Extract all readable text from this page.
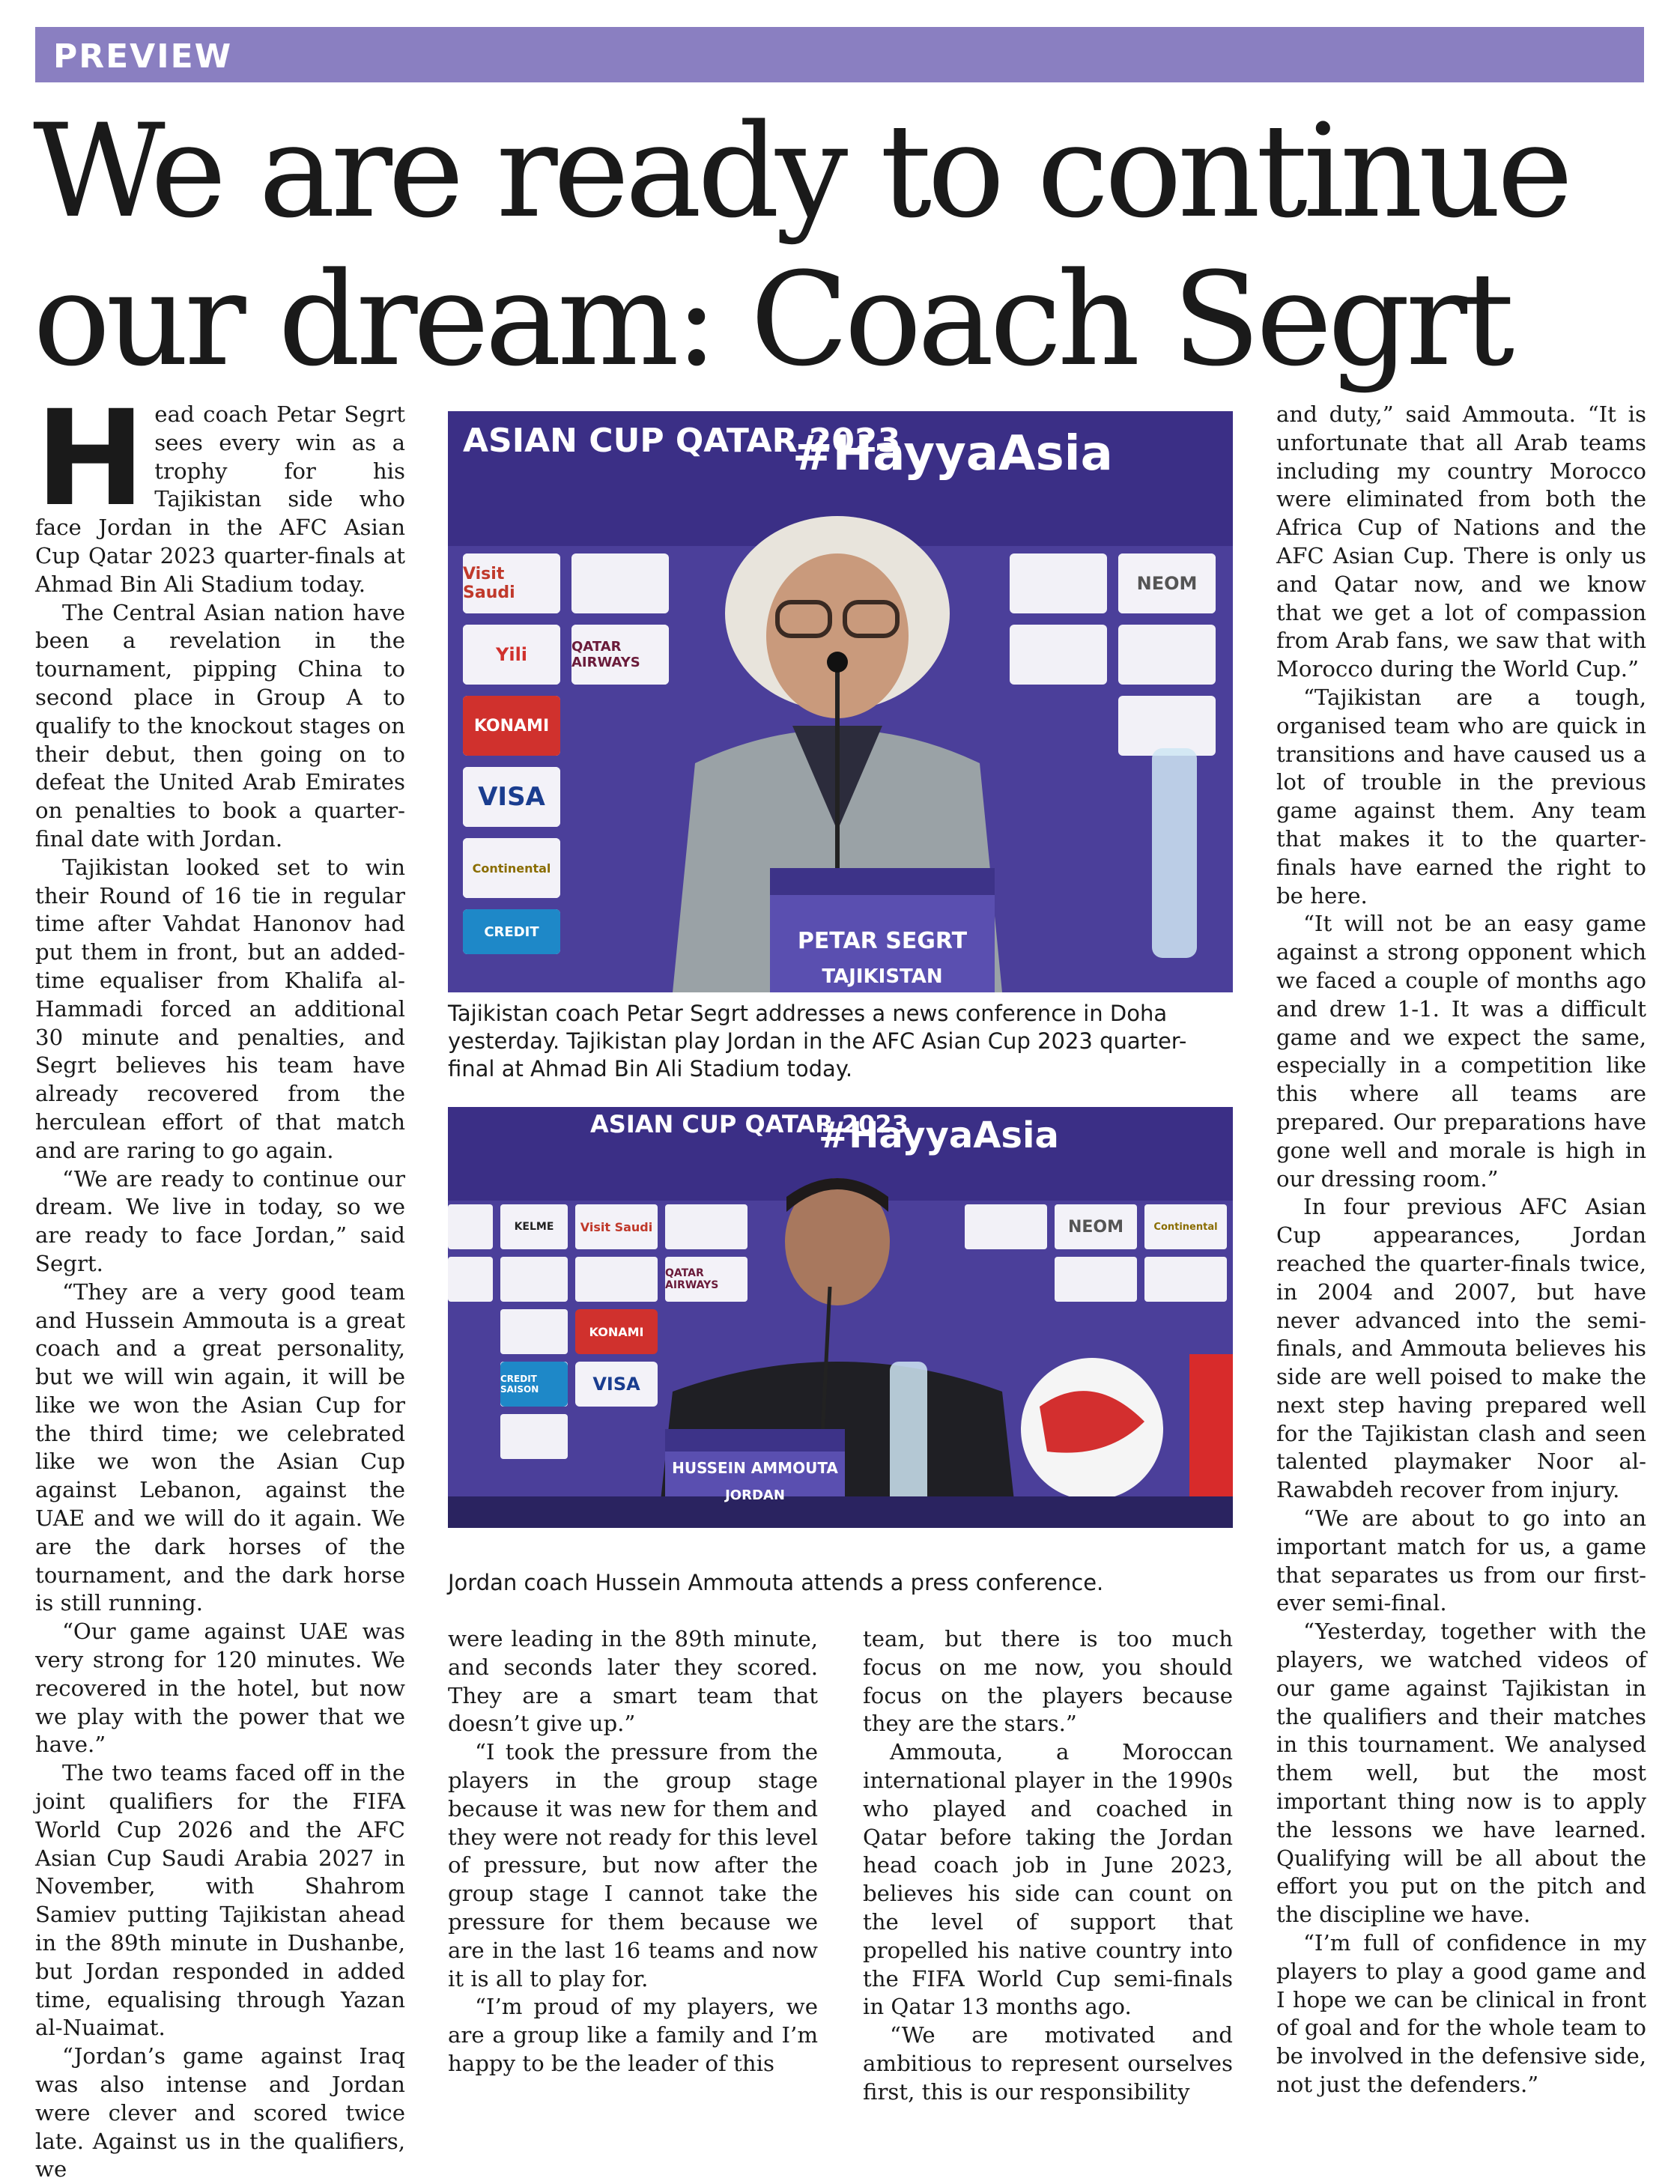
PREVIEW
We are ready to continue our dream: Coach Segrt

Head coach Petar Segrt sees every win as a trophy for his Tajikistan side who face Jordan in the AFC Asian Cup Qatar 2023 quarter-finals at Ahmad Bin Ali Stadium today.

The Central Asian nation have been a revelation in the tournament, pipping China to second place in Group A to qualify to the knockout stages on their debut, then going on to defeat the United Arab Emirates on penalties to book a quarter-final date with Jordan.

Tajikistan looked set to win their Round of 16 tie in regular time after Vahdat Hanonov had put them in front, but an added-time equaliser from Khalifa al-Hammadi forced an additional 30 minute and penalties, and Segrt believes his team have already recovered from the herculean effort of that match and are raring to go again.

“We are ready to continue our dream. We live in today, so we are ready to face Jordan,” said Segrt.

“They are a very good team and Hussein Ammouta is a great coach and a great personality, but we will win again, it will be like we won the Asian Cup for the third time; we celebrated like we won the Asian Cup against Lebanon, against the UAE and we will do it again. We are the dark horses of the tournament, and the dark horse is still running.

“Our game against UAE was very strong for 120 minutes. We recovered in the hotel, but now we play with the power that we have.”

The two teams faced off in the joint qualifiers for the FIFA World Cup 2026 and the AFC Asian Cup Saudi Arabia 2027 in November, with Shahrom Samiev putting Tajikistan ahead in the 89th minute in Dushanbe, but Jordan responded in added time, equalising through Yazan al-Nuaimat.

“Jordan’s game against Iraq was also intense and Jordan were clever and scored twice late. Against us in the qualifiers, we

ASIAN CUP QATAR 2023
#HayyaAsia
Visit Saudi
QATAR AIRWAYS
Yili
KONAMI
VISA
Continental
CREDIT
NEOM
PETAR SEGRT
TAJIKISTAN
Tajikistan coach Petar Segrt addresses a news conference in Doha yesterday. Tajikistan play Jordan in the AFC Asian Cup 2023 quarter-final at Ahmad Bin Ali Stadium today.
ASIAN CUP QATAR 2023
#HayyaAsia
KELME	Visit Saudi	NEOM
QATAR AIRWAYS
VISA
KONAMI
CREDIT SAISON
Continental
HUSSEIN AMMOUTA
JORDAN
Jordan coach Hussein Ammouta attends a press conference.

were leading in the 89th minute, and seconds later they scored. They are a smart team that doesn’t give up.”

“I took the pressure from the players in the group stage because it was new for them and they were not ready for this level of pressure, but now after the group stage I cannot take the pressure for them because we are in the last 16 teams and now it is all to play for.

“I’m proud of my players, we are a group like a family and I’m happy to be the leader of this

team, but there is too much focus on me now, you should focus on the players because they are the stars.”

Ammouta, a Moroccan international player in the 1990s who played and coached in Qatar before taking the Jordan head coach job in June 2023, believes his side can count on the level of support that propelled his native country into the FIFA World Cup semi-finals in Qatar 13 months ago.

“We are motivated and ambitious to represent ourselves first, this is our responsibility

and duty,” said Ammouta. “It is unfortunate that all Arab teams including my country Morocco were eliminated from both the Africa Cup of Nations and the AFC Asian Cup. There is only us and Qatar now, and we know that we get a lot of compassion from Arab fans, we saw that with Morocco during the World Cup.”

“Tajikistan are a tough, organised team who are quick in transitions and have caused us a lot of trouble in the previous game against them. Any team that makes it to the quarter-finals have earned the right to be here.

“It will not be an easy game against a strong opponent which we faced a couple of months ago and drew 1-1. It was a difficult game and we expect the same, especially in a competition like this where all teams are prepared. Our preparations have gone well and morale is high in our dressing room.”

In four previous AFC Asian Cup appearances, Jordan reached the quarter-finals twice, in 2004 and 2007, but have never advanced into the semi-finals, and Ammouta believes his side are well poised to make the next step having prepared well for the Tajikistan clash and seen talented playmaker Noor al-Rawabdeh recover from injury.

“We are about to go into an important match for us, a game that separates us from our first-ever semi-final.

“Yesterday, together with the players, we watched videos of our game against Tajikistan in the qualifiers and their matches in this tournament. We analysed them well, but the most important thing now is to apply the lessons we have learned. Qualifying will be all about the effort you put on the pitch and the discipline we have.

“I’m full of confidence in my players to play a good game and I hope we can be clinical in front of goal and for the whole team to be involved in the defensive side, not just the defenders.”
